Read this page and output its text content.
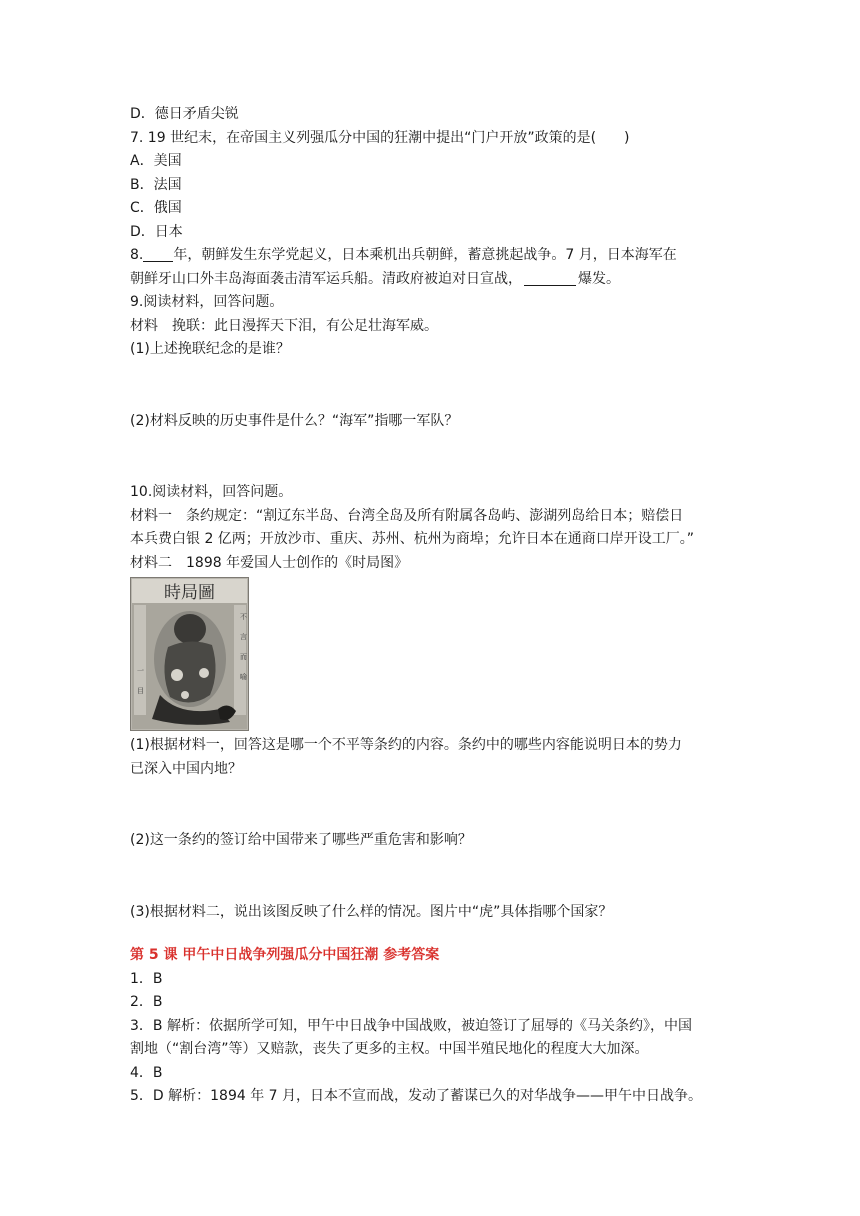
D．德日矛盾尖锐
7. 19 世纪末，在帝国主义列强瓜分中国的狂潮中提出“门户开放”政策的是(　　)
A．美国
B．法国
C．俄国
D．日本
8. 年，朝鲜发生东学党起义，日本乘机出兵朝鲜，蓄意挑起战争。7 月，日本海军在
朝鲜牙山口外丰岛海面袭击清军运兵船。清政府被迫对日宣战，	爆发。
9.阅读材料，回答问题。
材料　挽联：此日漫挥天下泪，有公足壮海军威。
(1)上述挽联纪念的是谁？
(2)材料反映的历史事件是什么？“海军”指哪一军队？
10.阅读材料，回答问题。
材料一　条约规定：“割辽东半岛、台湾全岛及所有附属各岛屿、澎湖列岛给日本；赔偿日
本兵费白银 2 亿两；开放沙市、重庆、苏州、杭州为商埠；允许日本在通商口岸开设工厂。”
材料二　1898 年爱国人士创作的《时局图》
時局圖
不
言
而
喻
一
目
(1)根据材料一，回答这是哪一个不平等条约的内容。条约中的哪些内容能说明日本的势力
已深入中国内地？
(2)这一条约的签订给中国带来了哪些严重危害和影响？
(3)根据材料二，说出该图反映了什么样的情况。图片中“虎”具体指哪个国家？
第 5 课 甲午中日战争列强瓜分中国狂潮 参考答案
1．B
2．B
3．B 解析：依据所学可知，甲午中日战争中国战败，被迫签订了屈辱的《马关条约》，中国
割地（“割台湾”等）又赔款，丧失了更多的主权。中国半殖民地化的程度大大加深。
4．B
5．D 解析：1894 年 7 月，日本不宣而战，发动了蓄谋已久的对华战争——甲午中日战争。
